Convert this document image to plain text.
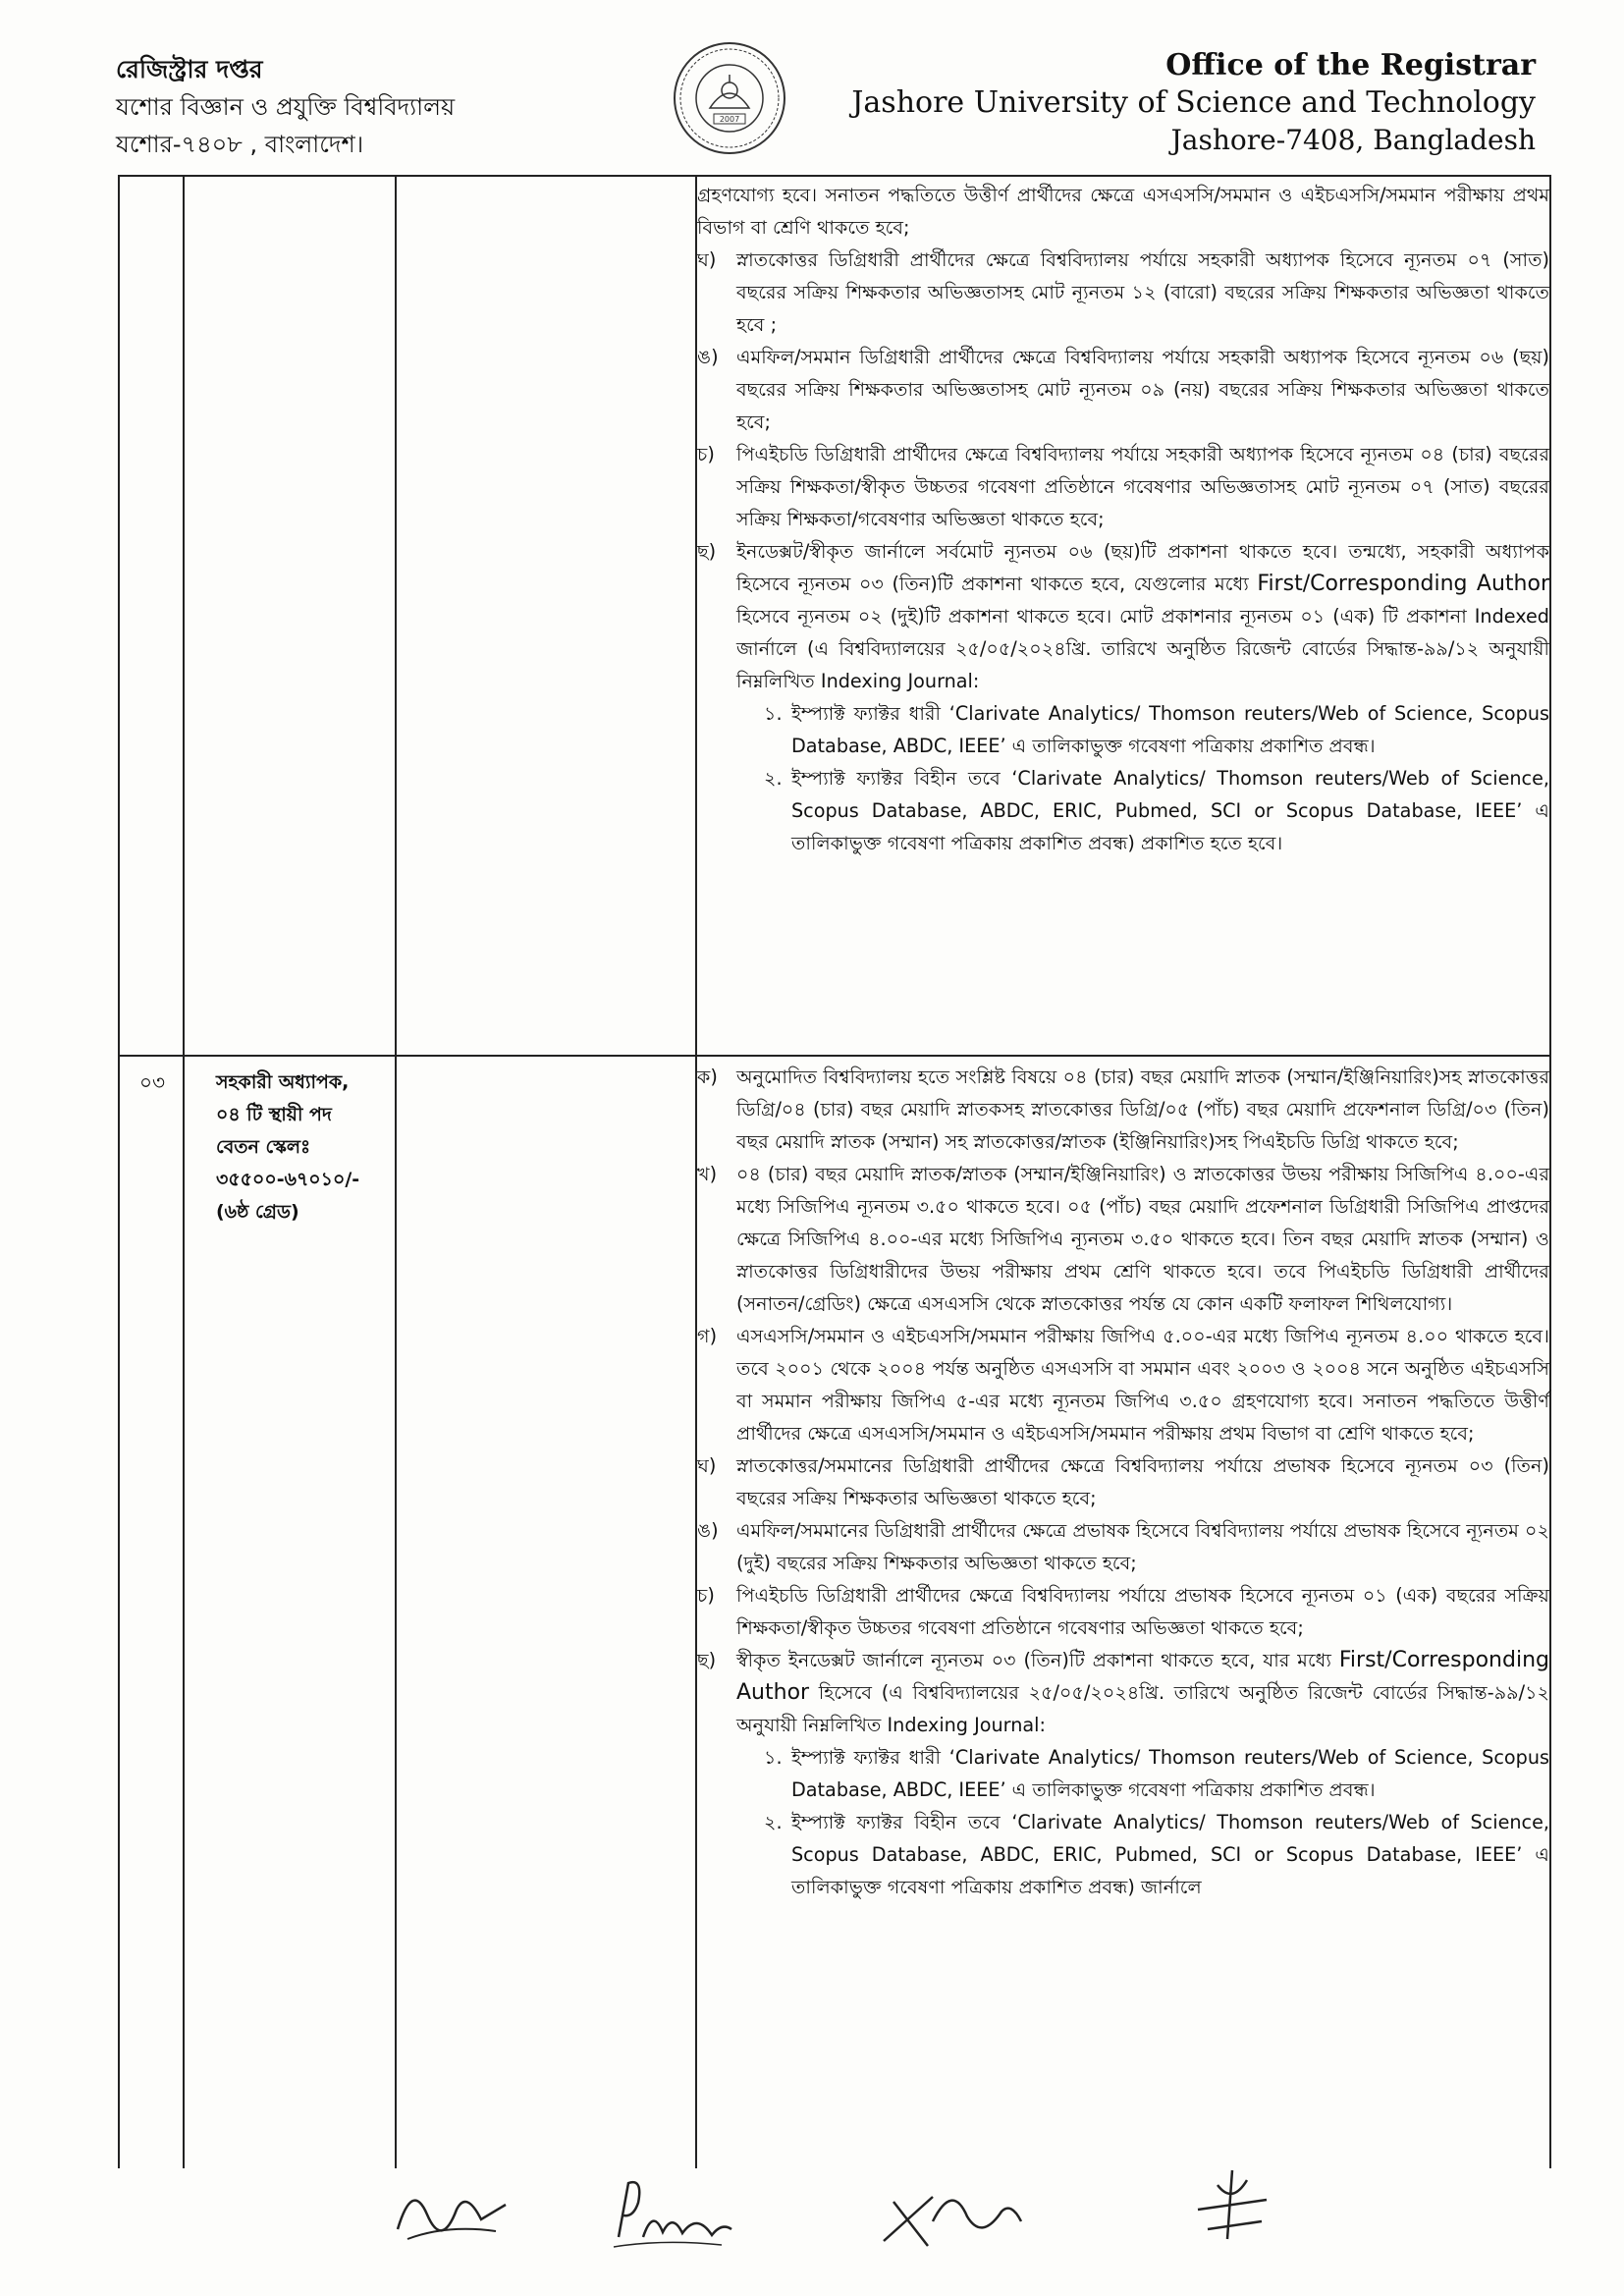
রেজিস্ট্রার দপ্তর
যশোর বিজ্ঞান ও প্রযুক্তি বিশ্ববিদ্যালয়
যশোর-৭৪০৮ , বাংলাদেশ।
2007
Office of the Registrar
Jashore University of Science and Technology
Jashore-7408, Bangladesh
০৩	সহকারী অধ্যাপক,
০৪ টি স্থায়ী পদ
বেতন স্কেলঃ
৩৫৫০০-৬৭০১০/-
(৬ষ্ঠ গ্রেড)

গ্রহণযোগ্য হবে। সনাতন পদ্ধতিতে উত্তীর্ণ প্রার্থীদের ক্ষেত্রে এসএসসি/সমমান ও এইচএসসি/সমমান পরীক্ষায় প্রথম বিভাগ বা শ্রেণি থাকতে হবে;

ঘ) স্নাতকোত্তর ডিগ্রিধারী প্রার্থীদের ক্ষেত্রে বিশ্ববিদ্যালয় পর্যায়ে সহকারী অধ্যাপক হিসেবে ন্যূনতম ০৭ (সাত) বছরের সক্রিয় শিক্ষকতার অভিজ্ঞতাসহ মোট ন্যূনতম ১২ (বারো) বছরের সক্রিয় শিক্ষকতার অভিজ্ঞতা থাকতে হবে ;

ঙ) এমফিল/সমমান ডিগ্রিধারী প্রার্থীদের ক্ষেত্রে বিশ্ববিদ্যালয় পর্যায়ে সহকারী অধ্যাপক হিসেবে ন্যূনতম ০৬ (ছয়) বছরের সক্রিয় শিক্ষকতার অভিজ্ঞতাসহ মোট ন্যূনতম ০৯ (নয়) বছরের সক্রিয় শিক্ষকতার অভিজ্ঞতা থাকতে হবে;

চ) পিএইচডি ডিগ্রিধারী প্রার্থীদের ক্ষেত্রে বিশ্ববিদ্যালয় পর্যায়ে সহকারী অধ্যাপক হিসেবে ন্যূনতম ০৪ (চার) বছরের সক্রিয় শিক্ষকতা/স্বীকৃত উচ্চতর গবেষণা প্রতিষ্ঠানে গবেষণার অভিজ্ঞতাসহ মোট ন্যূনতম ০৭ (সাত) বছরের সক্রিয় শিক্ষকতা/গবেষণার অভিজ্ঞতা থাকতে হবে;

ছ) ইনডেক্সট/স্বীকৃত জার্নালে সর্বমোট ন্যূনতম ০৬ (ছয়)টি প্রকাশনা থাকতে হবে। তন্মধ্যে, সহকারী অধ্যাপক হিসেবে ন্যূনতম ০৩ (তিন)টি প্রকাশনা থাকতে হবে, যেগুলোর মধ্যে First/Corresponding Author হিসেবে ন্যূনতম ০২ (দুই)টি প্রকাশনা থাকতে হবে। মোট প্রকাশনার ন্যূনতম ০১ (এক) টি প্রকাশনা Indexed জার্নালে (এ বিশ্ববিদ্যালয়ের ২৫/০৫/২০২৪খ্রি. তারিখে অনুষ্ঠিত রিজেন্ট বোর্ডের সিদ্ধান্ত-৯৯/১২ অনুযায়ী নিম্নলিখিত Indexing Journal:

১. ইম্প্যাক্ট ফ্যাক্টর ধারী ‘Clarivate Analytics/ Thomson reuters/Web of Science, Scopus Database, ABDC, IEEE’ এ তালিকাভুক্ত গবেষণা পত্রিকায় প্রকাশিত প্রবন্ধ।

২. ইম্প্যাক্ট ফ্যাক্টর বিহীন তবে ‘Clarivate Analytics/ Thomson reuters/Web of Science, Scopus Database, ABDC, ERIC, Pubmed, SCI or Scopus Database, IEEE’ এ তালিকাভুক্ত গবেষণা পত্রিকায় প্রকাশিত প্রবন্ধ) প্রকাশিত হতে হবে।

ক) অনুমোদিত বিশ্ববিদ্যালয় হতে সংশ্লিষ্ট বিষয়ে ০৪ (চার) বছর মেয়াদি স্নাতক (সম্মান/ইঞ্জিনিয়ারিং)সহ স্নাতকোত্তর ডিগ্রি/০৪ (চার) বছর মেয়াদি স্নাতকসহ স্নাতকোত্তর ডিগ্রি/০৫ (পাঁচ) বছর মেয়াদি প্রফেশনাল ডিগ্রি/০৩ (তিন) বছর মেয়াদি স্নাতক (সম্মান) সহ স্নাতকোত্তর/স্নাতক (ইঞ্জিনিয়ারিং)সহ পিএইচডি ডিগ্রি থাকতে হবে;

খ) ০৪ (চার) বছর মেয়াদি স্নাতক/স্নাতক (সম্মান/ইঞ্জিনিয়ারিং) ও স্নাতকোত্তর উভয় পরীক্ষায় সিজিপিএ ৪.০০-এর মধ্যে সিজিপিএ ন্যূনতম ৩.৫০ থাকতে হবে। ০৫ (পাঁচ) বছর মেয়াদি প্রফেশনাল ডিগ্রিধারী সিজিপিএ প্রাপ্তদের ক্ষেত্রে সিজিপিএ ৪.০০-এর মধ্যে সিজিপিএ ন্যূনতম ৩.৫০ থাকতে হবে। তিন বছর মেয়াদি স্নাতক (সম্মান) ও স্নাতকোত্তর ডিগ্রিধারীদের উভয় পরীক্ষায় প্রথম শ্রেণি থাকতে হবে। তবে পিএইচডি ডিগ্রিধারী প্রার্থীদের (সনাতন/গ্রেডিং) ক্ষেত্রে এসএসসি থেকে স্নাতকোত্তর পর্যন্ত যে কোন একটি ফলাফল শিথিলযোগ্য।

গ) এসএসসি/সমমান ও এইচএসসি/সমমান পরীক্ষায় জিপিএ ৫.০০-এর মধ্যে জিপিএ ন্যূনতম ৪.০০ থাকতে হবে। তবে ২০০১ থেকে ২০০৪ পর্যন্ত অনুষ্ঠিত এসএসসি বা সমমান এবং ২০০৩ ও ২০০৪ সনে অনুষ্ঠিত এইচএসসি বা সমমান পরীক্ষায় জিপিএ ৫-এর মধ্যে ন্যূনতম জিপিএ ৩.৫০ গ্রহণযোগ্য হবে। সনাতন পদ্ধতিতে উত্তীর্ণ প্রার্থীদের ক্ষেত্রে এসএসসি/সমমান ও এইচএসসি/সমমান পরীক্ষায় প্রথম বিভাগ বা শ্রেণি থাকতে হবে;

ঘ) স্নাতকোত্তর/সমমানের ডিগ্রিধারী প্রার্থীদের ক্ষেত্রে বিশ্ববিদ্যালয় পর্যায়ে প্রভাষক হিসেবে ন্যূনতম ০৩ (তিন) বছরের সক্রিয় শিক্ষকতার অভিজ্ঞতা থাকতে হবে;

ঙ) এমফিল/সমমানের ডিগ্রিধারী প্রার্থীদের ক্ষেত্রে প্রভাষক হিসেবে বিশ্ববিদ্যালয় পর্যায়ে প্রভাষক হিসেবে ন্যূনতম ০২ (দুই) বছরের সক্রিয় শিক্ষকতার অভিজ্ঞতা থাকতে হবে;

চ) পিএইচডি ডিগ্রিধারী প্রার্থীদের ক্ষেত্রে বিশ্ববিদ্যালয় পর্যায়ে প্রভাষক হিসেবে ন্যূনতম ০১ (এক) বছরের সক্রিয় শিক্ষকতা/স্বীকৃত উচ্চতর গবেষণা প্রতিষ্ঠানে গবেষণার অভিজ্ঞতা থাকতে হবে;

ছ) স্বীকৃত ইনডেক্সট জার্নালে ন্যূনতম ০৩ (তিন)টি প্রকাশনা থাকতে হবে, যার মধ্যে First/Corresponding Author হিসেবে (এ বিশ্ববিদ্যালয়ের ২৫/০৫/২০২৪খ্রি. তারিখে অনুষ্ঠিত রিজেন্ট বোর্ডের সিদ্ধান্ত-৯৯/১২ অনুযায়ী নিম্নলিখিত Indexing Journal:

১. ইম্প্যাক্ট ফ্যাক্টর ধারী ‘Clarivate Analytics/ Thomson reuters/Web of Science, Scopus Database, ABDC, IEEE’ এ তালিকাভুক্ত গবেষণা পত্রিকায় প্রকাশিত প্রবন্ধ।

২. ইম্প্যাক্ট ফ্যাক্টর বিহীন তবে ‘Clarivate Analytics/ Thomson reuters/Web of Science, Scopus Database, ABDC, ERIC, Pubmed, SCI or Scopus Database, IEEE’ এ তালিকাভুক্ত গবেষণা পত্রিকায় প্রকাশিত প্রবন্ধ) জার্নালে
